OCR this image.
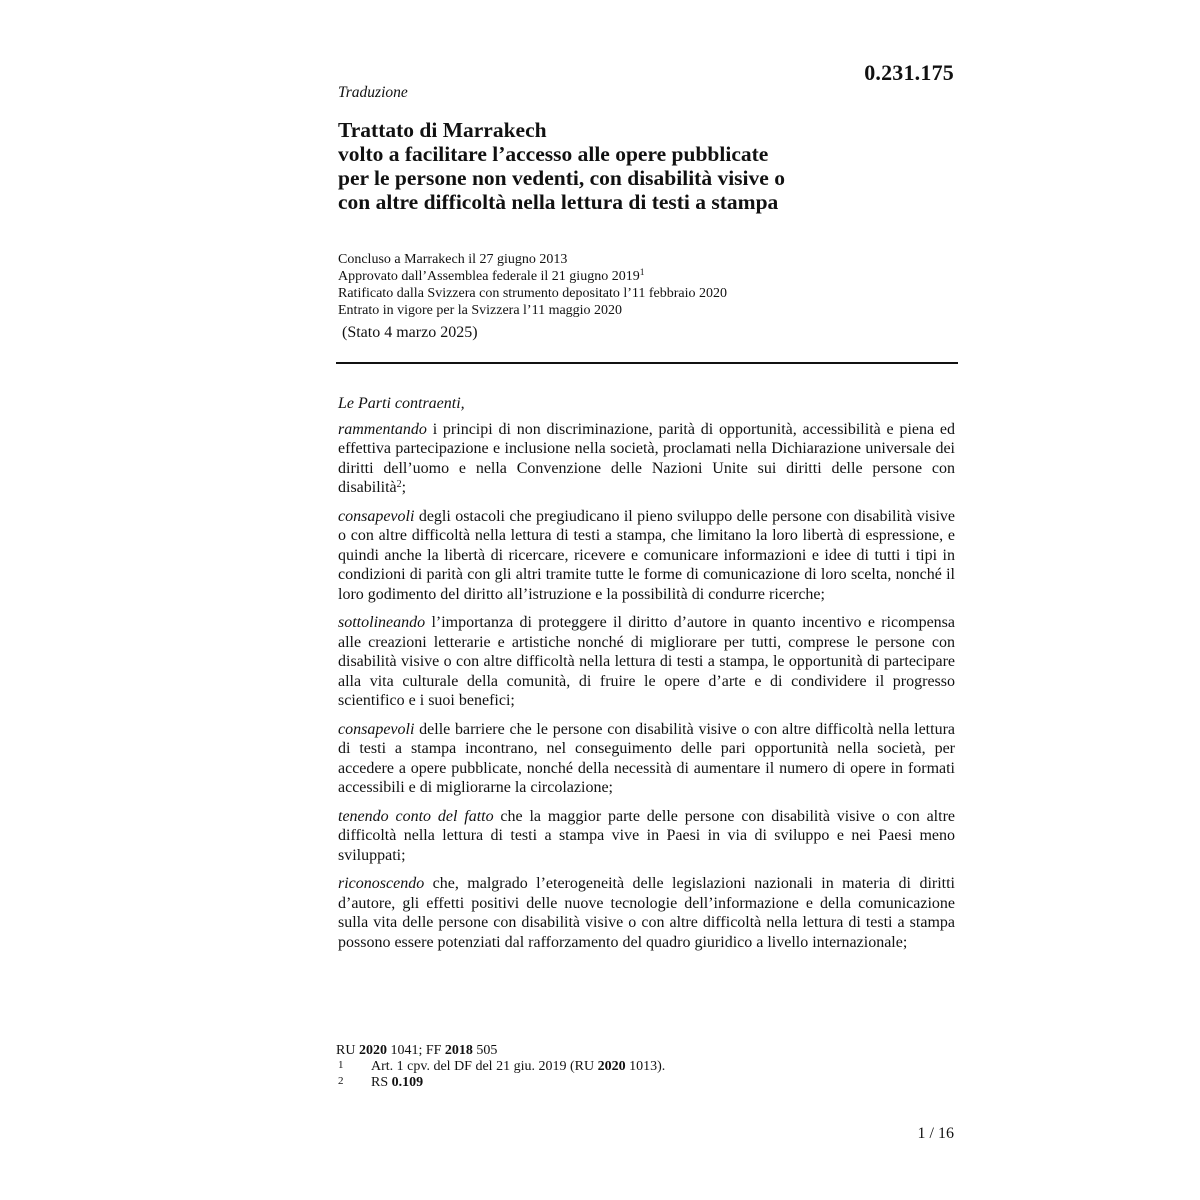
0.231.175
Traduzione
Trattato di Marrakech
volto a facilitare l’accesso alle opere pubblicate
per le persone non vedenti, con disabilità visive o
con altre difficoltà nella lettura di testi a stampa
Concluso a Marrakech il 27 giugno 2013
Approvato dall’Assemblea federale il 21 giugno 2019$^1$
Ratificato dalla Svizzera con strumento depositato l’11 febbraio 2020
Entrato in vigore per la Svizzera l’11 maggio 2020
(Stato 4 marzo 2025)

Le Parti contraenti,

rammentando i principi di non discriminazione, parità di opportunità, accessibilità e piena ed effettiva partecipazione e inclusione nella società, proclamati nella Dichiarazione universale dei diritti dell’uomo e nella Convenzione delle Nazioni Unite sui diritti delle persone con disabilità$^2$;

consapevoli degli ostacoli che pregiudicano il pieno sviluppo delle persone con disabilità visive o con altre difficoltà nella lettura di testi a stampa, che limitano la loro libertà di espressione, e quindi anche la libertà di ricercare, ricevere e comunicare informazioni e idee di tutti i tipi in condizioni di parità con gli altri tramite tutte le forme di comunicazione di loro scelta, nonché il loro godimento del diritto all’istruzione e la possibilità di condurre ricerche;

sottolineando l’importanza di proteggere il diritto d’autore in quanto incentivo e ricompensa alle creazioni letterarie e artistiche nonché di migliorare per tutti, comprese le persone con disabilità visive o con altre difficoltà nella lettura di testi a stampa, le opportunità di partecipare alla vita culturale della comunità, di fruire le opere d’arte e di condividere il progresso scientifico e i suoi benefici;

consapevoli delle barriere che le persone con disabilità visive o con altre difficoltà nella lettura di testi a stampa incontrano, nel conseguimento delle pari opportunità nella società, per accedere a opere pubblicate, nonché della necessità di aumentare il numero di opere in formati accessibili e di migliorarne la circolazione;

tenendo conto del fatto che la maggior parte delle persone con disabilità visive o con altre difficoltà nella lettura di testi a stampa vive in Paesi in via di sviluppo e nei Paesi meno sviluppati;

riconoscendo che, malgrado l’eterogeneità delle legislazioni nazionali in materia di diritti d’autore, gli effetti positivi delle nuove tecnologie dell’informazione e della comunicazione sulla vita delle persone con disabilità visive o con altre difficoltà nella lettura di testi a stampa possono essere potenziati dal rafforzamento del quadro giuridico a livello internazionale;

RU 2020 1041; FF 2018 505
1 Art. 1 cpv. del DF del 21 giu. 2019 (RU 2020 1013).
2 RS 0.109
1 / 16
